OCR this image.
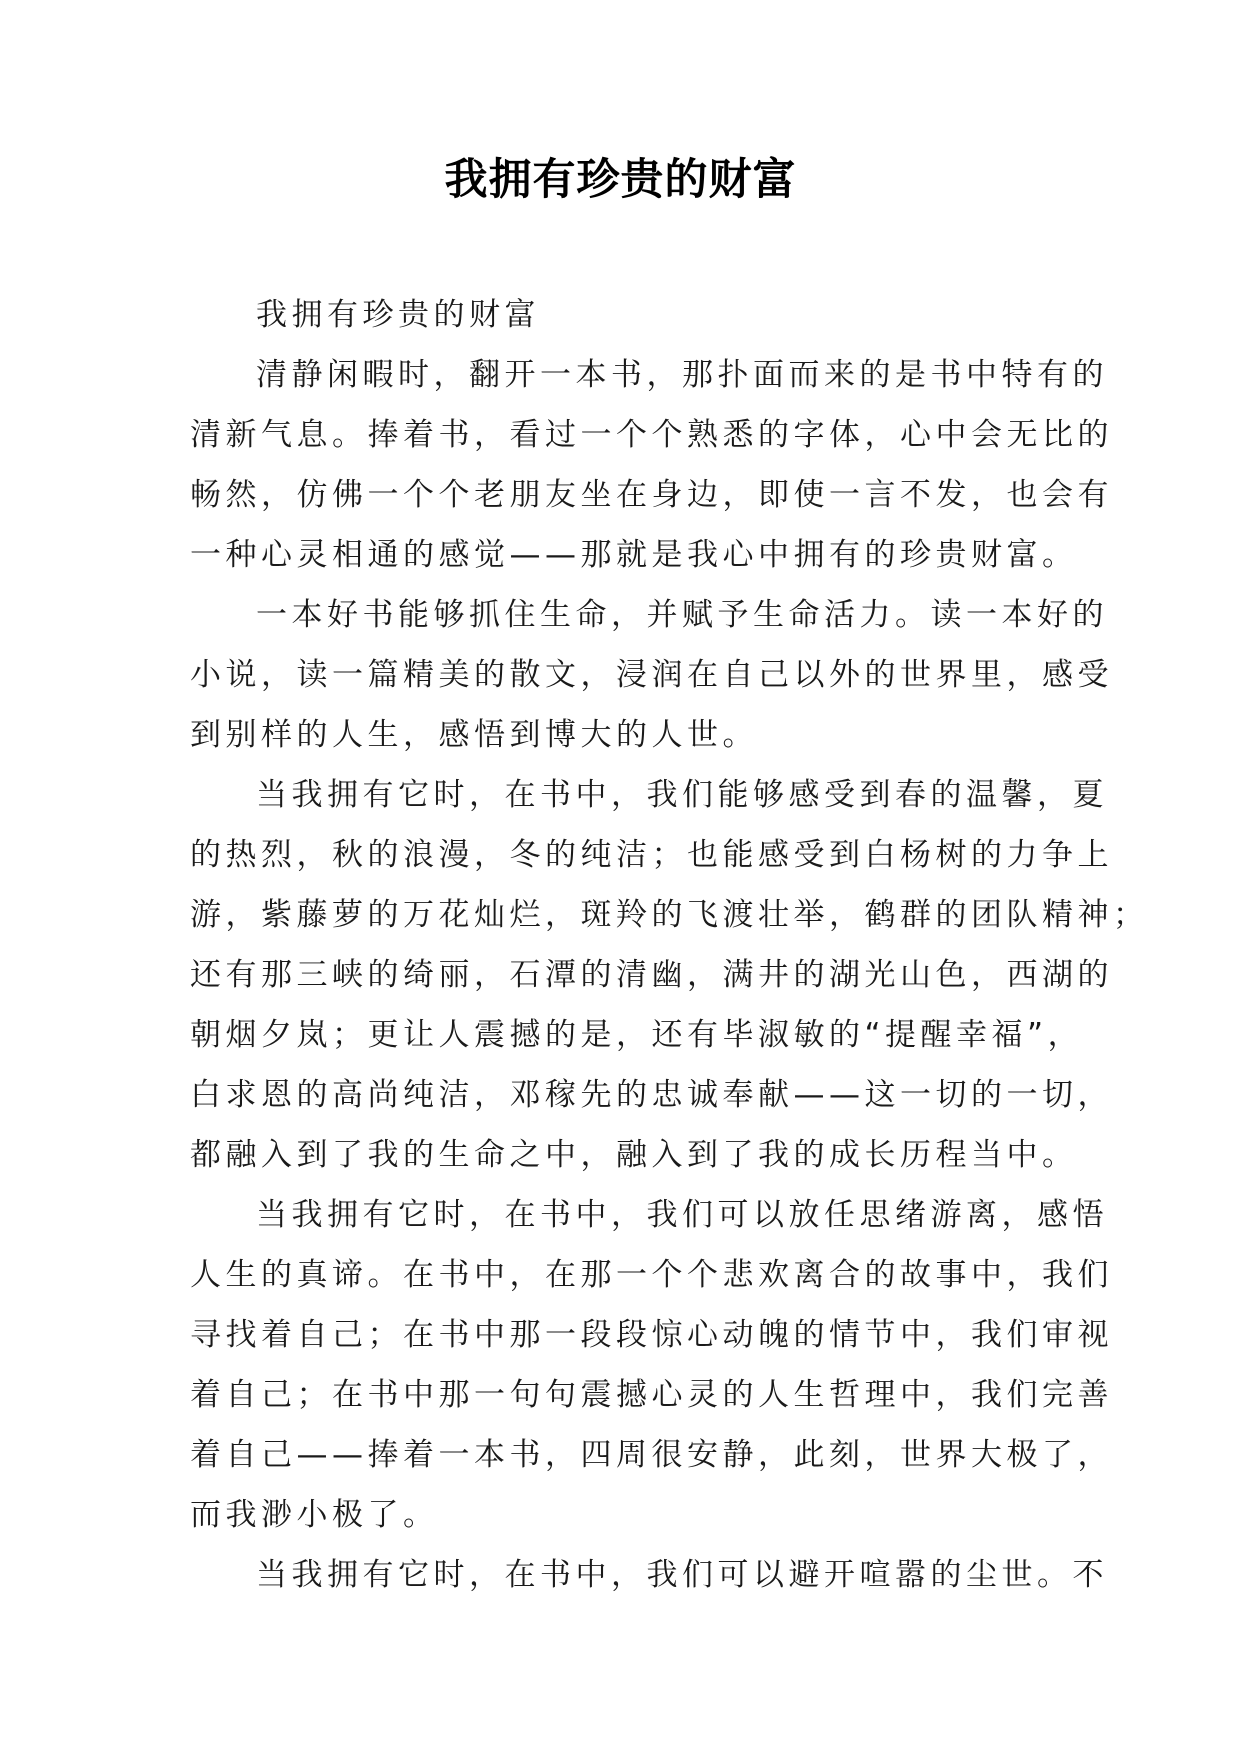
我拥有珍贵的财富
我拥有珍贵的财富
清静闲暇时，翻开一本书，那扑面而来的是书中特有的
清新气息。捧着书，看过一个个熟悉的字体，心中会无比的
畅然，仿佛一个个老朋友坐在身边，即使一言不发，也会有
一种心灵相通的感觉——那就是我心中拥有的珍贵财富。
一本好书能够抓住生命，并赋予生命活力。读一本好的
小说，读一篇精美的散文，浸润在自己以外的世界里，感受
到别样的人生，感悟到博大的人世。
当我拥有它时，在书中，我们能够感受到春的温馨，夏
的热烈，秋的浪漫，冬的纯洁；也能感受到白杨树的力争上
游，紫藤萝的万花灿烂，斑羚的飞渡壮举，鹤群的团队精神；
还有那三峡的绮丽，石潭的清幽，满井的湖光山色，西湖的
朝烟夕岚；更让人震撼的是，还有毕淑敏的“提醒幸福”，
白求恩的高尚纯洁，邓稼先的忠诚奉献——这一切的一切，
都融入到了我的生命之中，融入到了我的成长历程当中。
当我拥有它时，在书中，我们可以放任思绪游离，感悟
人生的真谛。在书中，在那一个个悲欢离合的故事中，我们
寻找着自己；在书中那一段段惊心动魄的情节中，我们审视
着自己；在书中那一句句震撼心灵的人生哲理中，我们完善
着自己——捧着一本书，四周很安静，此刻，世界大极了，
而我渺小极了。
当我拥有它时，在书中，我们可以避开喧嚣的尘世。不
